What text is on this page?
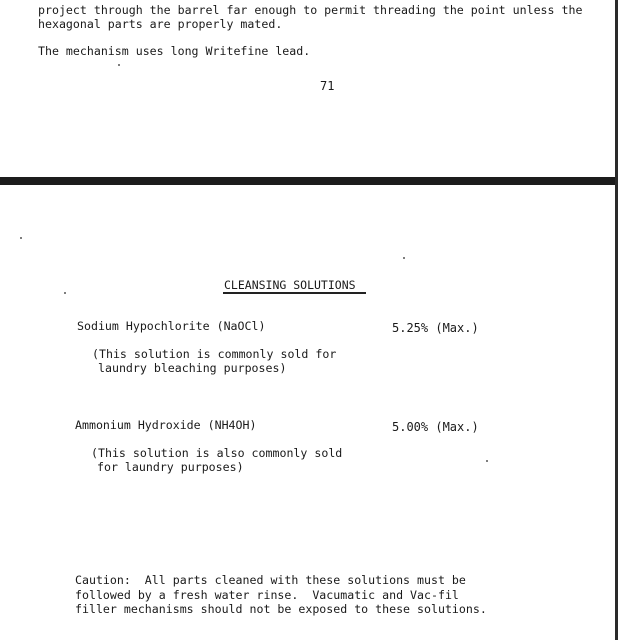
project through the barrel far enough to permit threading the point unless the
hexagonal parts are properly mated.
The mechanism uses long Writefine lead.
71
CLEANSING SOLUTIONS
Sodium Hypochlorite (NaOCl)	5.25% (Max.)
(This solution is commonly sold for
laundry bleaching purposes)
Ammonium Hydroxide (NH4OH)	5.00% (Max.)
(This solution is also commonly sold
for laundry purposes)
Caution:  All parts cleaned with these solutions must be
followed by a fresh water rinse.  Vacumatic and Vac-fil
filler mechanisms should not be exposed to these solutions.
